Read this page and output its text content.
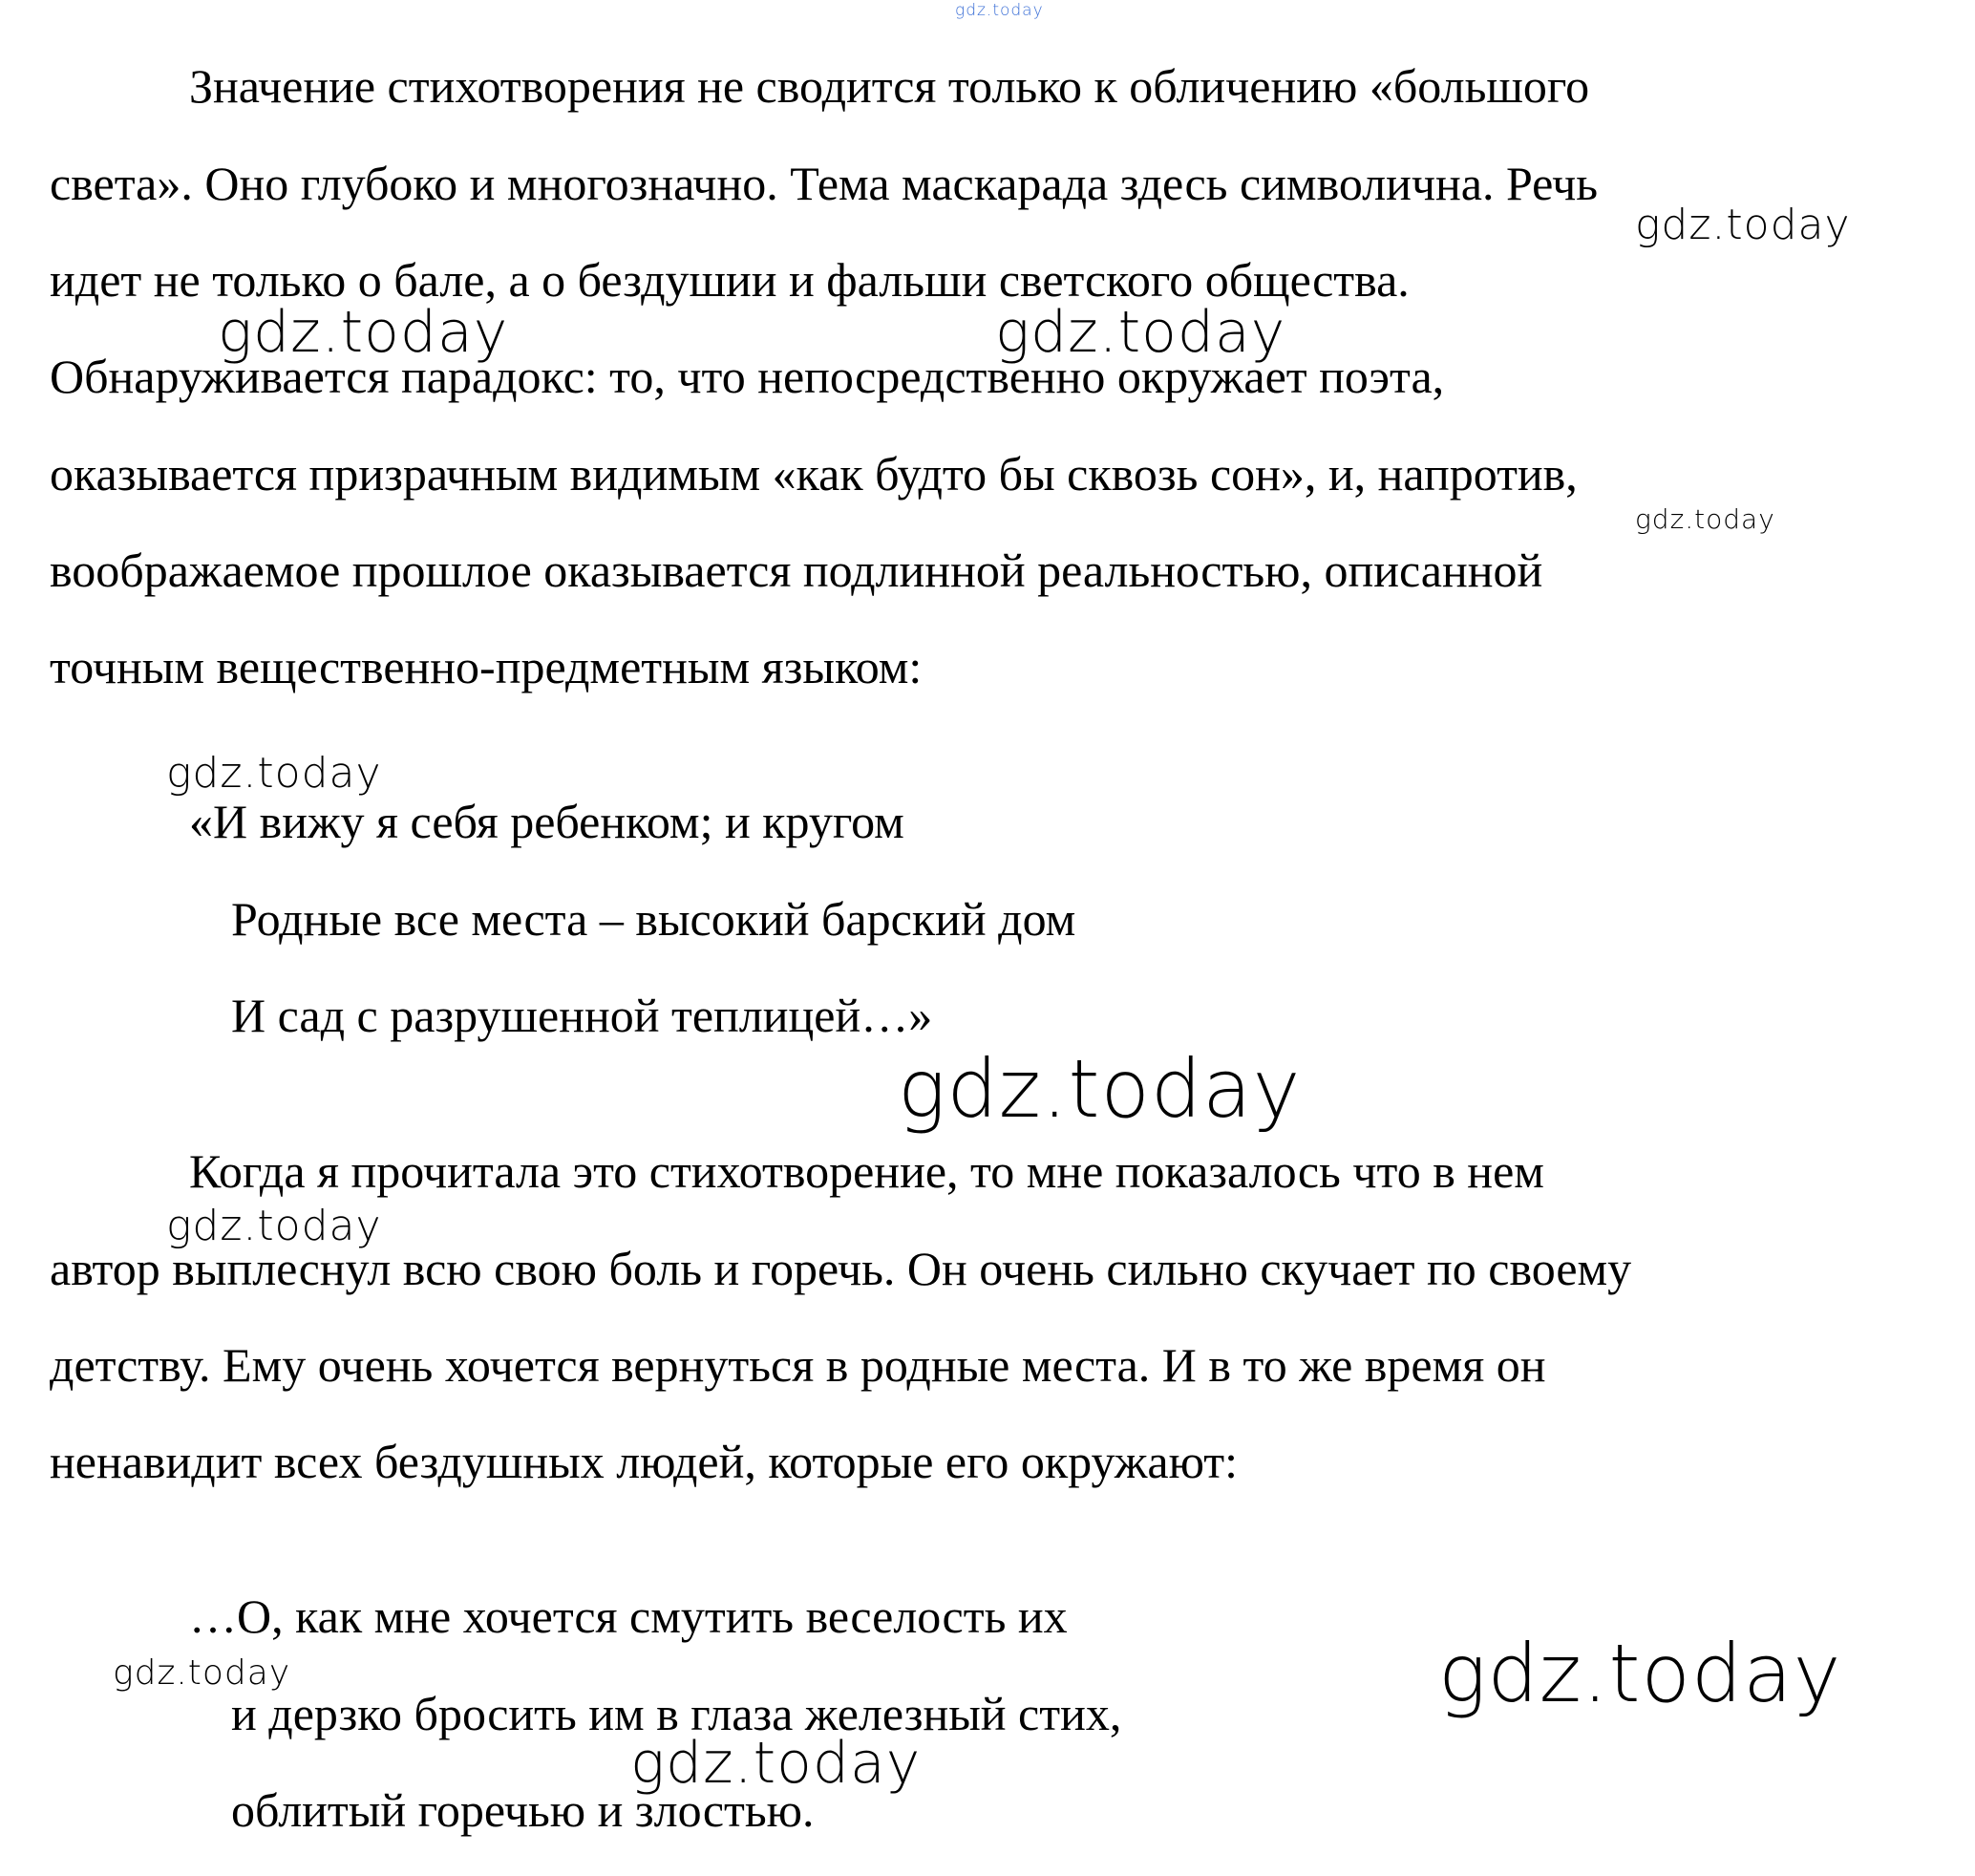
Значение стихотворения не сводится только к обличению «большого
света». Оно глубоко и многозначно. Тема маскарада здесь символична. Речь
идет не только о бале, а о бездушии и фальши светского общества.
Обнаруживается парадокс: то, что непосредственно окружает поэта,
оказывается призрачным видимым «как будто бы сквозь сон», и, напротив,
воображаемое прошлое оказывается подлинной реальностью, описанной
точным вещественно-предметным языком:
«И вижу я себя ребенком; и кругом
Родные все места – высокий барский дом
И сад с разрушенной теплицей…»
Когда я прочитала это стихотворение, то мне показалось что в нем
автор выплеснул всю свою боль и горечь. Он очень сильно скучает по своему
детству. Ему очень хочется вернуться в родные места. И в то же время он
ненавидит всех бездушных людей, которые его окружают:
…О, как мне хочется смутить веселость их
и дерзко бросить им в глаза железный стих,
облитый горечью и злостью.
gdz.today
gdz.today
gdz.today	gdz.today
gdz.today
gdz.today
gdz.today
gdz.today
gdz.today	gdz.today
gdz.today
